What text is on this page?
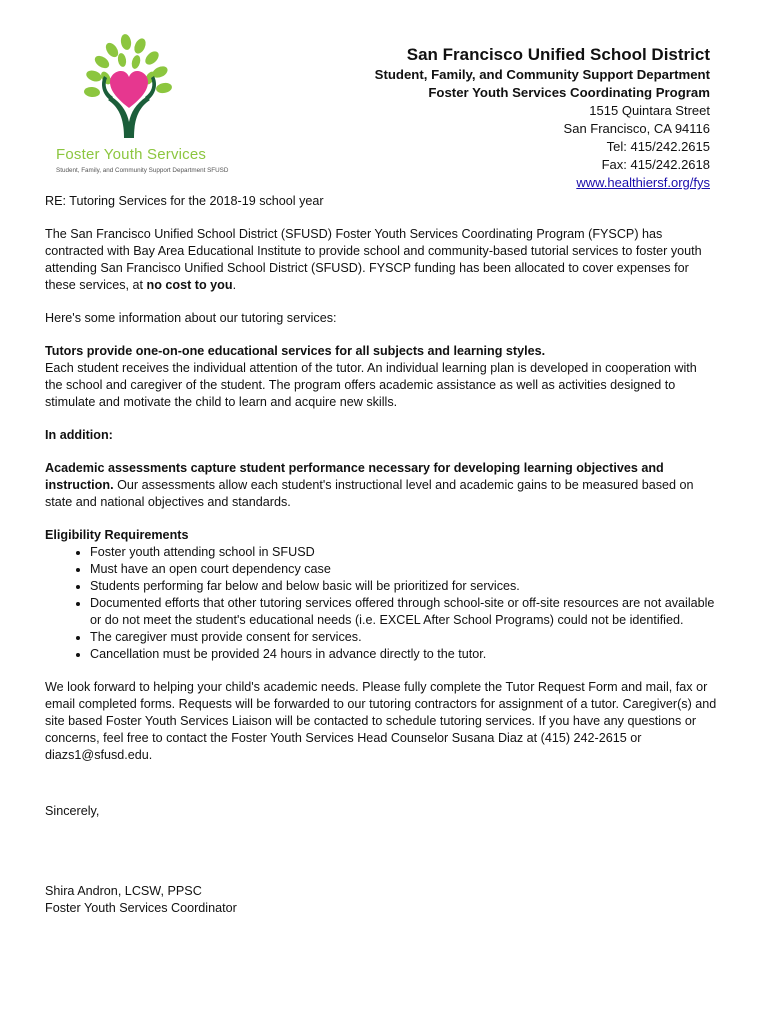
Foster Youth Services
Student, Family, and Community Support Department SFUSD
San Francisco Unified School District
Student, Family, and Community Support Department
Foster Youth Services Coordinating Program
1515 Quintara Street
San Francisco, CA 94116
Tel: 415/242.2615
Fax: 415/242.2618
www.healthiersf.org/fys

RE: Tutoring Services for the 2018-19 school year

The San Francisco Unified School District (SFUSD) Foster Youth Services Coordinating Program (FYSCP) has contracted with Bay Area Educational Institute to provide school and community-based tutorial services to foster youth attending San Francisco Unified School District (SFUSD). FYSCP funding has been allocated to cover expenses for these services, at no cost to you.

Here's some information about our tutoring services:

Tutors provide one-on-one educational services for all subjects and learning styles.

Each student receives the individual attention of the tutor. An individual learning plan is developed in cooperation with the school and caregiver of the student. The program offers academic assistance as well as activities designed to stimulate and motivate the child to learn and acquire new skills.

In addition:

Academic assessments capture student performance necessary for developing learning objectives and instruction. Our assessments allow each student's instructional level and academic gains to be measured based on state and national objectives and standards.

Eligibility Requirements

• Foster youth attending school in SFUSD
• Must have an open court dependency case
• Students performing far below and below basic will be prioritized for services.
• Documented efforts that other tutoring services offered through school-site or off-site resources are not available or do not meet the student's educational needs (i.e. EXCEL After School Programs) could not be identified.
• The caregiver must provide consent for services.
• Cancellation must be provided 24 hours in advance directly to the tutor.

We look forward to helping your child's academic needs. Please fully complete the Tutor Request Form and mail, fax or email completed forms. Requests will be forwarded to our tutoring contractors for assignment of a tutor. Caregiver(s) and site based Foster Youth Services Liaison will be contacted to schedule tutoring services. If you have any questions or concerns, feel free to contact the Foster Youth Services Head Counselor Susana Diaz at (415) 242-2615 or diazs1@sfusd.edu.

Sincerely,
Shira Andron, LCSW, PPSC
Foster Youth Services Coordinator
